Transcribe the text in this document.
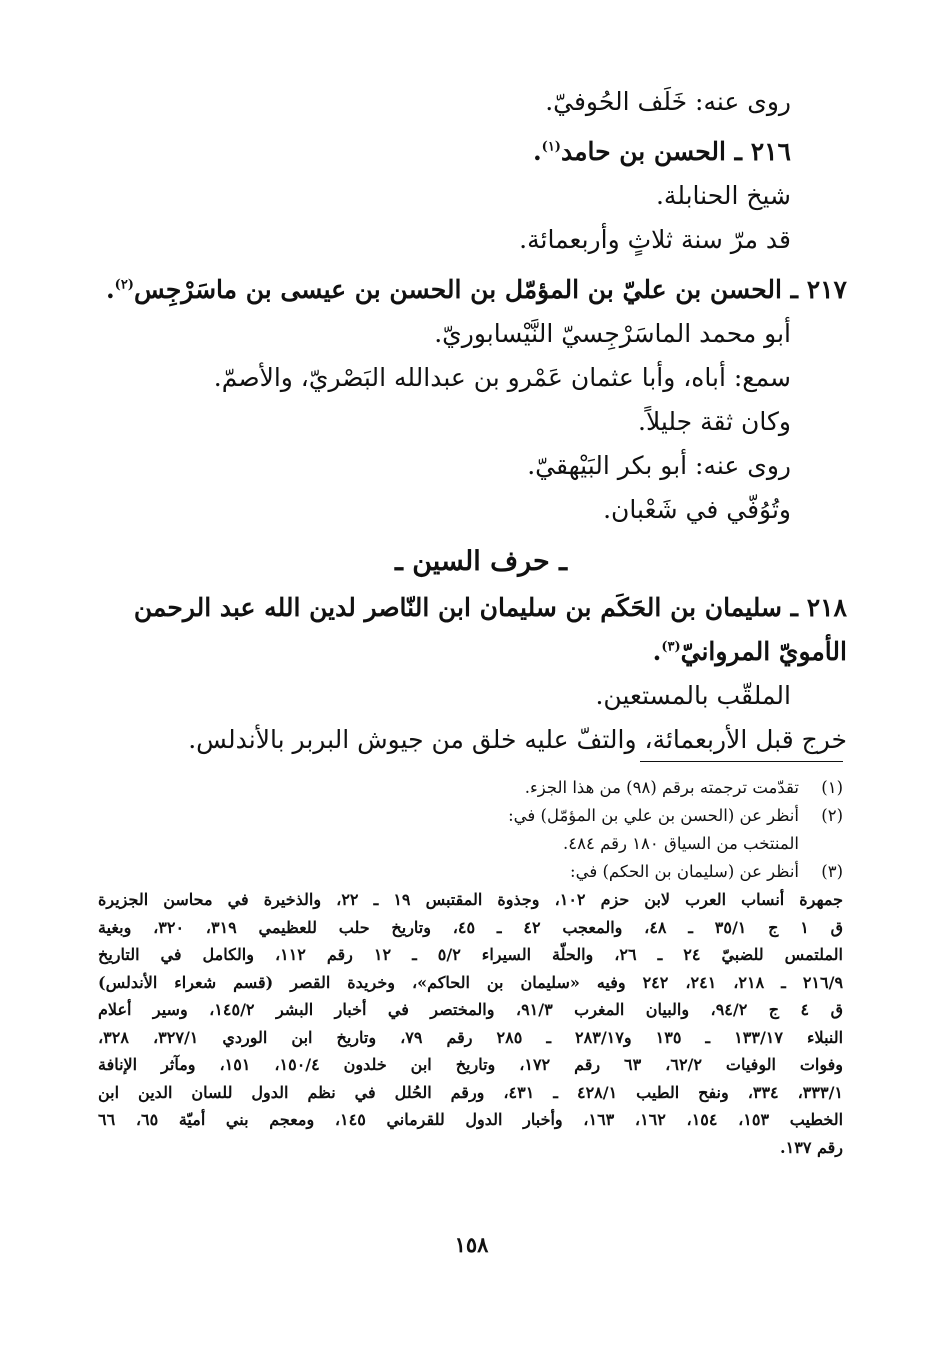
روى عنه: خَلَف الحُوفيّ.
٢١٦ ـ الحسن بن حامد$^{(١)}$.
شيخ الحنابلة.
قد مرّ سنة ثلاثٍ وأربعمائة.
٢١٧ ـ الحسن بن عليّ بن المؤمّل بن الحسن بن عيسى بن ماسَرْجِس$^{(٢)}$.
أبو محمد الماسَرْجِسيّ النَّيْسابوريّ.
سمع: أباه، وأبا عثمان عَمْرو بن عبدالله البَصْريّ، والأصمّ.
وكان ثقة جليلاً.
روى عنه: أبو بكر البَيْهقيّ.
وتُوُفّي في شَعْبان.
ـ حرف السين ـ
٢١٨ ـ سليمان بن الحَكَم بن سليمان ابن النّاصر لدين الله عبد الرحمن
الأمويّ المروانيّ$^{(٣)}$.
الملقّب بالمستعين.
خرج قبل الأربعمائة، والتفّ عليه خلق من جيوش البربر بالأندلس.
(١)تقدّمت ترجمته برقم (٩٨) من هذا الجزء.
(٢)أنظر عن (الحسن بن علي بن المؤمّل) في:
المنتخب من السياق ١٨٠ رقم ٤٨٤.
(٣)أنظر عن (سليمان بن الحكم) في:
جمهرة أنساب العرب لابن حزم ١٠٢، وجذوة المقتبس ١٩ ـ ٢٢، والذخيرة في محاسن الجزيرة
ق ١ ج ٣٥/١ ـ ٤٨، والمعجب ٤٢ ـ ٤٥، وتاريخ حلب للعظيمي ٣١٩، ٣٢٠، وبغية
الملتمس للضبيّ ٢٤ ـ ٢٦، والحلّة السيراء ٥/٢ ـ ١٢ رقم ١١٢، والكامل في التاريخ
٢١٦/٩ ـ ٢١٨، ٢٤١، ٢٤٢ وفيه «سليمان بن الحاكم»، وخريدة القصر (قسم شعراء الأندلس)
ق ٤ ج ٩٤/٢، والبيان المغرب ٩١/٣، والمختصر في أخبار البشر ١٤٥/٢، وسير أعلام
النبلاء ١٣٣/١٧ ـ ١٣٥ و٢٨٣/١٧ ـ ٢٨٥ رقم ٧٩، وتاريخ ابن الوردي ٣٢٧/١، ٣٢٨،
وفوات الوفيات ٦٢/٢، ٦٣ رقم ١٧٢، وتاريخ ابن خلدون ١٥٠/٤، ١٥١، ومآثر الإنافة
٣٣٣/١، ٣٣٤، ونفح الطيب ٤٢٨/١ ـ ٤٣١، ورقم الحُلل في نظم الدول للسان الدين ابن
الخطيب ١٥٣، ١٥٤، ١٦٢، ١٦٣، وأخبار الدول للقرماني ١٤٥، ومعجم بني أميّة ٦٥، ٦٦
رقم ١٣٧.
١٥٨
